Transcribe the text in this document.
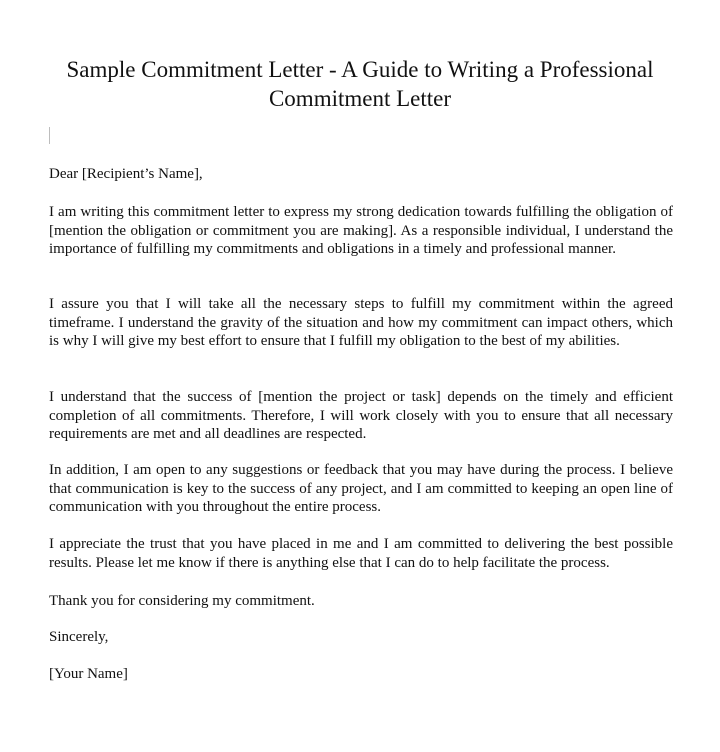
Sample Commitment Letter - A Guide to Writing a Professional Commitment Letter

Dear [Recipient’s Name],

I am writing this commitment letter to express my strong dedication towards fulfilling the obligation of [mention the obligation or commitment you are making]. As a responsible individual, I understand the importance of fulfilling my commitments and obligations in a timely and professional manner.

I assure you that I will take all the necessary steps to fulfill my commitment within the agreed timeframe. I understand the gravity of the situation and how my commitment can impact others, which is why I will give my best effort to ensure that I fulfill my obligation to the best of my abilities.

I understand that the success of [mention the project or task] depends on the timely and efficient completion of all commitments. Therefore, I will work closely with you to ensure that all necessary requirements are met and all deadlines are respected.

In addition, I am open to any suggestions or feedback that you may have during the process. I believe that communication is key to the success of any project, and I am committed to keeping an open line of communication with you throughout the entire process.

I appreciate the trust that you have placed in me and I am committed to delivering the best possible results. Please let me know if there is anything else that I can do to help facilitate the process.

Thank you for considering my commitment.

Sincerely,

[Your Name]
